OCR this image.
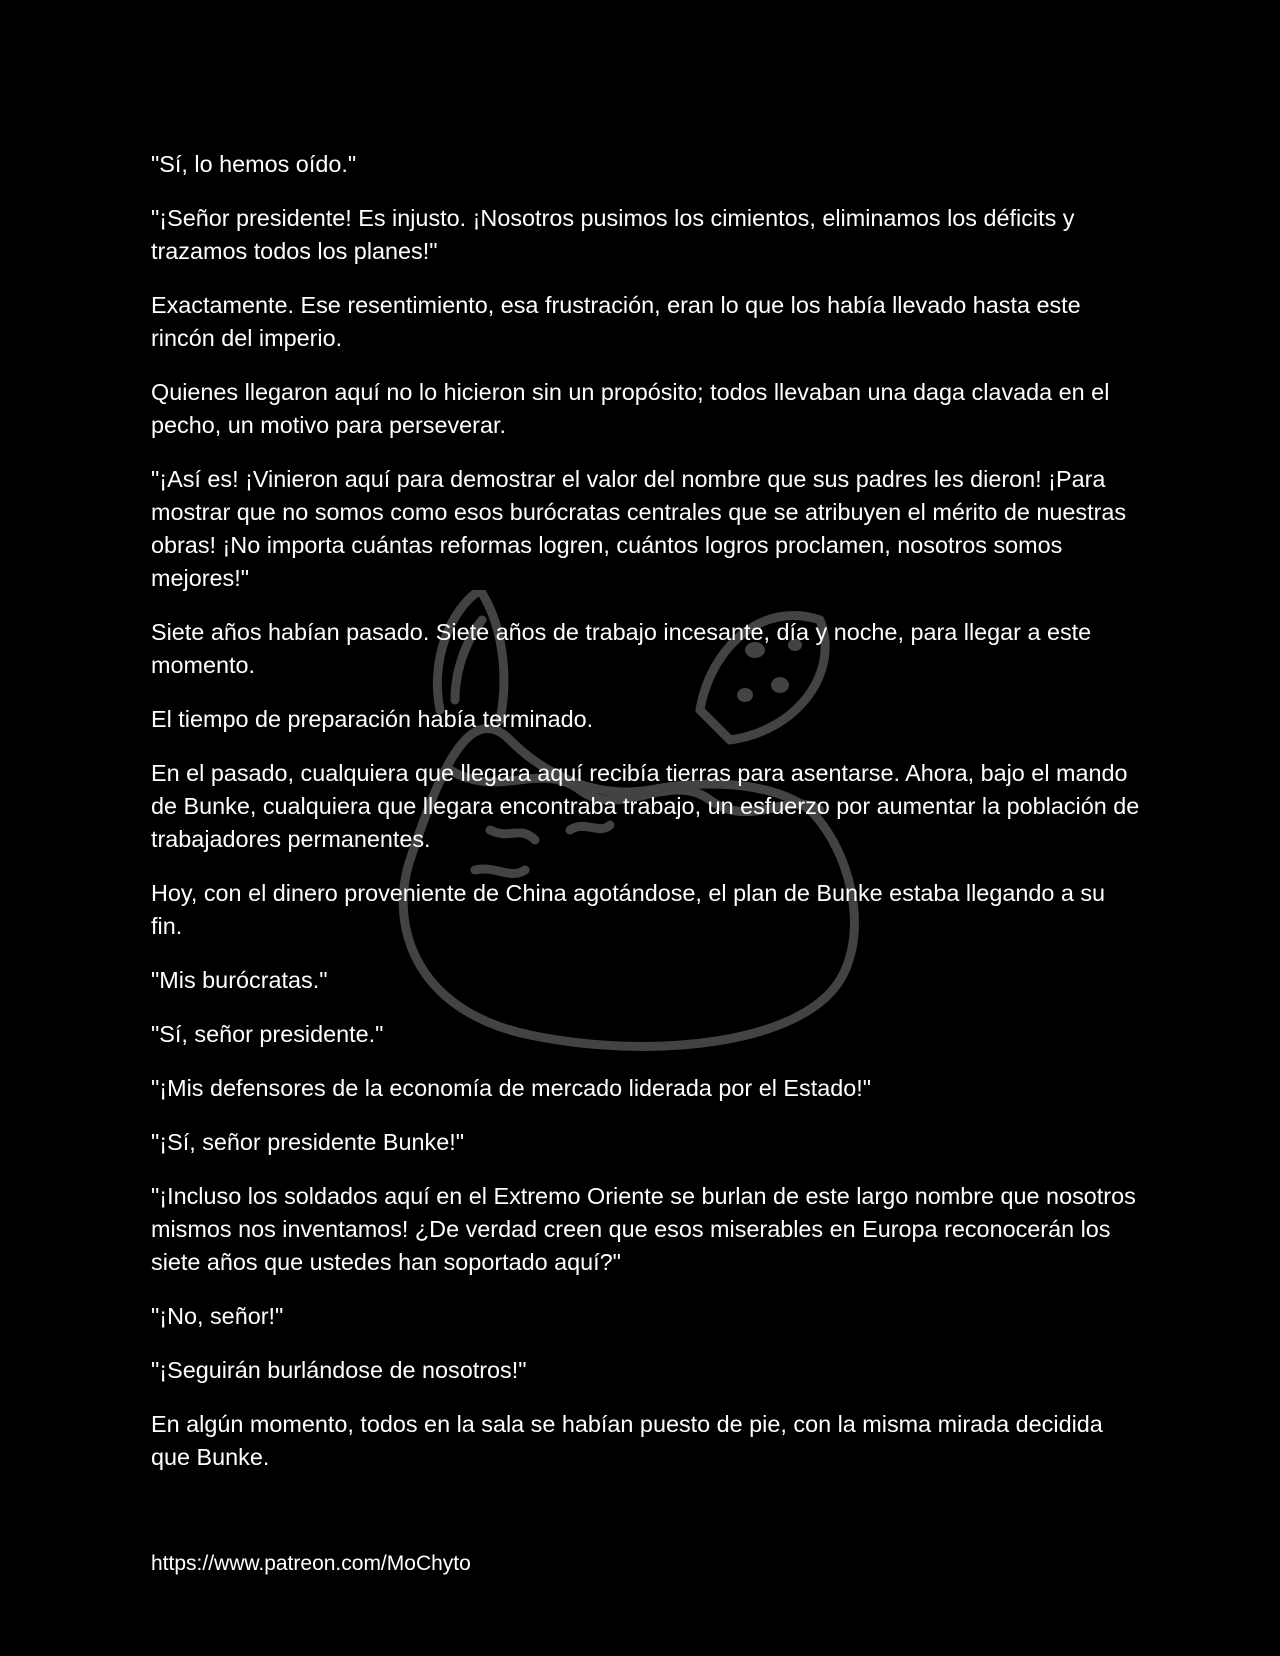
"Sí, lo hemos oído."

"¡Señor presidente! Es injusto. ¡Nosotros pusimos los cimientos, eliminamos los déficits y trazamos todos los planes!"

Exactamente. Ese resentimiento, esa frustración, eran lo que los había llevado hasta este rincón del imperio.

Quienes llegaron aquí no lo hicieron sin un propósito; todos llevaban una daga clavada en el pecho, un motivo para perseverar.

"¡Así es! ¡Vinieron aquí para demostrar el valor del nombre que sus padres les dieron! ¡Para mostrar que no somos como esos burócratas centrales que se atribuyen el mérito de nuestras obras! ¡No importa cuántas reformas logren, cuántos logros proclamen, nosotros somos mejores!"

Siete años habían pasado. Siete años de trabajo incesante, día y noche, para llegar a este momento.

El tiempo de preparación había terminado.

En el pasado, cualquiera que llegara aquí recibía tierras para asentarse. Ahora, bajo el mando de Bunke, cualquiera que llegara encontraba trabajo, un esfuerzo por aumentar la población de trabajadores permanentes.

Hoy, con el dinero proveniente de China agotándose, el plan de Bunke estaba llegando a su fin.

"Mis burócratas."

"Sí, señor presidente."

"¡Mis defensores de la economía de mercado liderada por el Estado!"

"¡Sí, señor presidente Bunke!"

"¡Incluso los soldados aquí en el Extremo Oriente se burlan de este largo nombre que nosotros mismos nos inventamos! ¿De verdad creen que esos miserables en Europa reconocerán los siete años que ustedes han soportado aquí?"

"¡No, señor!"

"¡Seguirán burlándose de nosotros!"

En algún momento, todos en la sala se habían puesto de pie, con la misma mirada decidida que Bunke.

https://www.patreon.com/MoChyto
